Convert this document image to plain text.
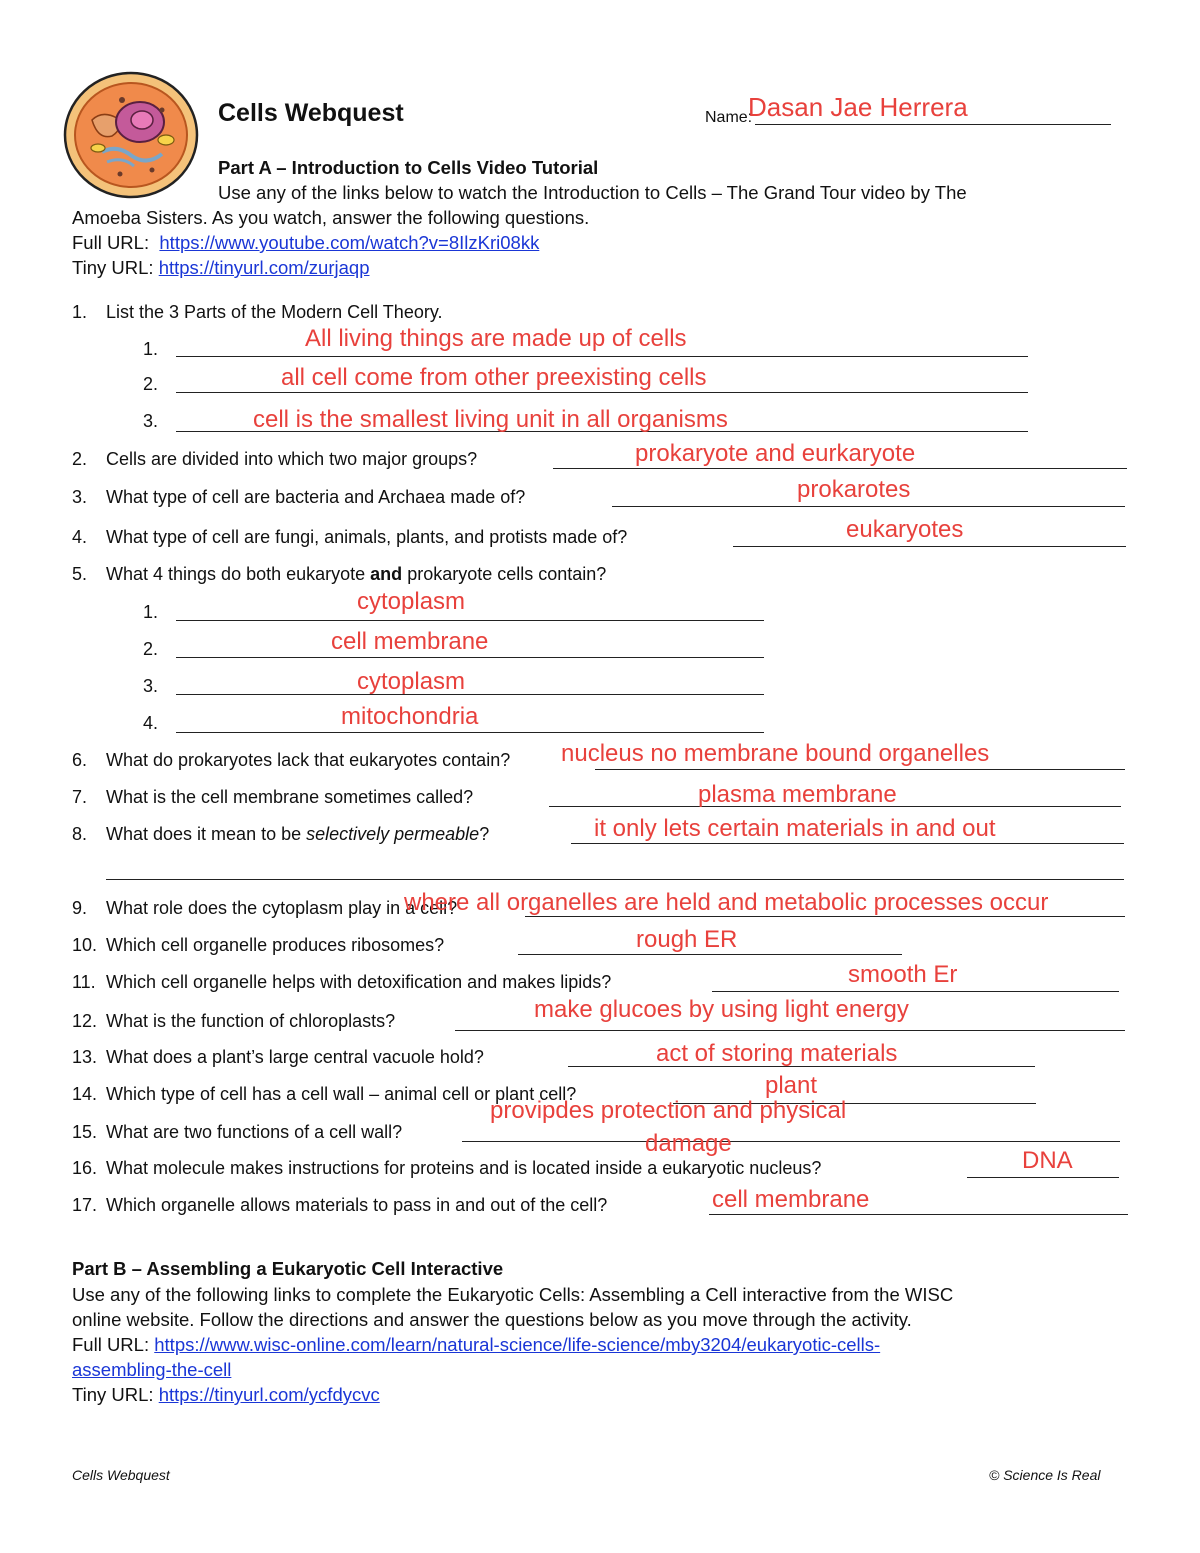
Cells Webquest	Name:
Dasan Jae Herrera
Part A – Introduction to Cells Video Tutorial
Use any of the links below to watch the Introduction to Cells – The Grand Tour video by The
Amoeba Sisters. As you watch, answer the following questions.
Full URL: https://www.youtube.com/watch?v=8IlzKri08kk
Tiny URL: https://tinyurl.com/zurjaqp
1. List the 3 Parts of the Modern Cell Theory.
1.	All living things are made up of cells
2.	all cell come from other preexisting cells
3.	cell is the smallest living unit in all organisms
2. Cells are divided into which two major groups?	prokaryote and eurkaryote
3. What type of cell are bacteria and Archaea made of?	prokarotes
4. What type of cell are fungi, animals, plants, and protists made of?	eukaryotes
5. What 4 things do both eukaryote and prokaryote cells contain?
1.	cytoplasm
2.	cell membrane
3.	cytoplasm
4.	mitochondria
6. What do prokaryotes lack that eukaryotes contain? nucleus no membrane bound organelles
7. What is the cell membrane sometimes called?	plasma membrane
8. What does it mean to be selectively permeable?	it only lets certain materials in and out
9. What role does the cytoplasm play in a cell?
where all organelles are held and metabolic processes occur
10. Which cell organelle produces ribosomes?	rough ER
11. Which cell organelle helps with detoxification and makes lipids?	smooth Er
12. What is the function of chloroplasts?	make glucoes by using light energy
13. What does a plant’s large central vacuole hold?	act of storing materials
14. Which type of cell has a cell wall – animal cell or plant cell?	plant
15. What are two functions of a cell wall?
provipdes protection and physical
damage
16. What molecule makes instructions for proteins and is located inside a eukaryotic nucleus?	DNA
17. Which organelle allows materials to pass in and out of the cell?	cell membrane
Part B – Assembling a Eukaryotic Cell Interactive
Use any of the following links to complete the Eukaryotic Cells: Assembling a Cell interactive from the WISC
online website. Follow the directions and answer the questions below as you move through the activity.
Full URL: https://www.wisc-online.com/learn/natural-science/life-science/mby3204/eukaryotic-cells-
assembling-the-cell
Tiny URL: https://tinyurl.com/ycfdycvc
Cells Webquest	© Science Is Real
